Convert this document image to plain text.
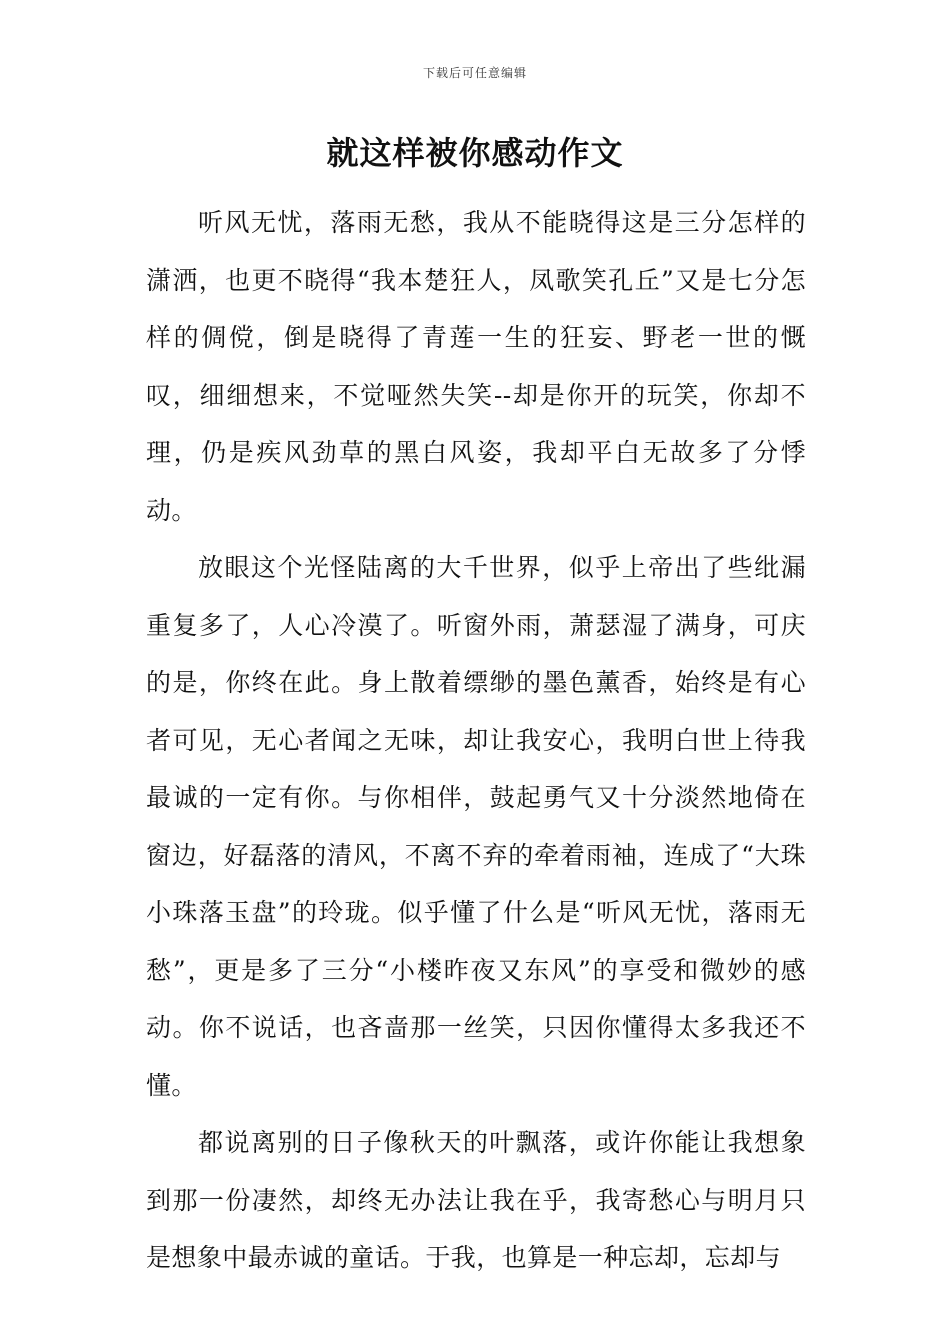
下载后可任意编辑
就这样被你感动作文

听风无忧，落雨无愁，我从不能晓得这是三分怎样的潇洒，也更不晓得“我本楚狂人，凤歌笑孔丘”又是七分怎样的倜傥，倒是晓得了青莲一生的狂妄、野老一世的慨叹，细细想来，不觉哑然失笑--却是你开的玩笑，你却不理，仍是疾风劲草的黑白风姿，我却平白无故多了分悸动。

放眼这个光怪陆离的大千世界，似乎上帝出了些纰漏重复多了，人心冷漠了。听窗外雨，萧瑟湿了满身，可庆的是，你终在此。身上散着缥缈的墨色薰香，始终是有心者可见，无心者闻之无味，却让我安心，我明白世上待我最诚的一定有你。与你相伴，鼓起勇气又十分淡然地倚在窗边，好磊落的清风，不离不弃的牵着雨袖，连成了“大珠小珠落玉盘”的玲珑。似乎懂了什么是“听风无忧，落雨无愁”，更是多了三分“小楼昨夜又东风”的享受和微妙的感动。你不说话，也吝啬那一丝笑，只因你懂得太多我还不懂。

都说离别的日子像秋天的叶飘落，或许你能让我想象到那一份凄然，却终无办法让我在乎，我寄愁心与明月只是想象中最赤诚的童话。于我，也算是一种忘却，忘却与
